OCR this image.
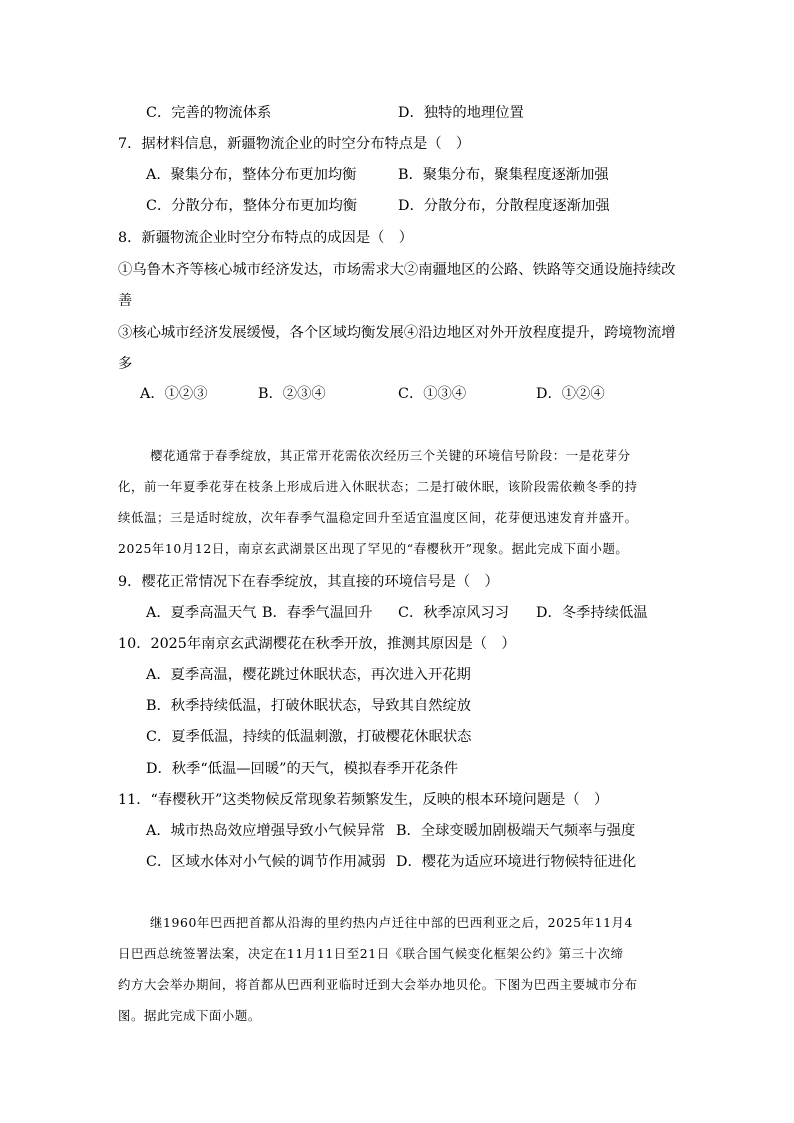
C．完善的物流体系	D．独特的地理位置
7．据材料信息，新疆物流企业的时空分布特点是（　）
A．聚集分布，整体分布更加均衡	B．聚集分布，聚集程度逐渐加强
C．分散分布，整体分布更加均衡	D．分散分布，分散程度逐渐加强
8．新疆物流企业时空分布特点的成因是（　）
①乌鲁木齐等核心城市经济发达，市场需求大②南疆地区的公路、铁路等交通设施持续改
善
③核心城市经济发展缓慢，各个区域均衡发展④沿边地区对外开放程度提升，跨境物流增
多
A．①②③	B．②③④	C．①③④	D．①②④
樱花通常于春季绽放，其正常开花需依次经历三个关键的环境信号阶段：一是花芽分
化，前一年夏季花芽在枝条上形成后进入休眠状态；二是打破休眠，该阶段需依赖冬季的持
续低温；三是适时绽放，次年春季气温稳定回升至适宜温度区间，花芽便迅速发育并盛开。
2025年10月12日，南京玄武湖景区出现了罕见的“春樱秋开”现象。据此完成下面小题。
9．樱花正常情况下在春季绽放，其直接的环境信号是（　）
A．夏季高温天气 B．春季气温回升 C．秋季凉风习习 D．冬季持续低温
10．2025年南京玄武湖樱花在秋季开放，推测其原因是（　）
A．夏季高温，樱花跳过休眠状态，再次进入开花期
B．秋季持续低温，打破休眠状态，导致其自然绽放
C．夏季低温，持续的低温刺激，打破樱花休眠状态
D．秋季“低温—回暖”的天气，模拟春季开花条件
11．“春樱秋开”这类物候反常现象若频繁发生，反映的根本环境问题是（　）
A．城市热岛效应增强导致小气候异常 B．全球变暖加剧极端天气频率与强度
C．区域水体对小气候的调节作用减弱 D．樱花为适应环境进行物候特征进化
继1960年巴西把首都从沿海的里约热内卢迁往中部的巴西利亚之后，2025年11月4
日巴西总统签署法案，决定在11月11日至21日《联合国气候变化框架公约》第三十次缔
约方大会举办期间，将首都从巴西利亚临时迁到大会举办地贝伦。下图为巴西主要城市分布
图。据此完成下面小题。
